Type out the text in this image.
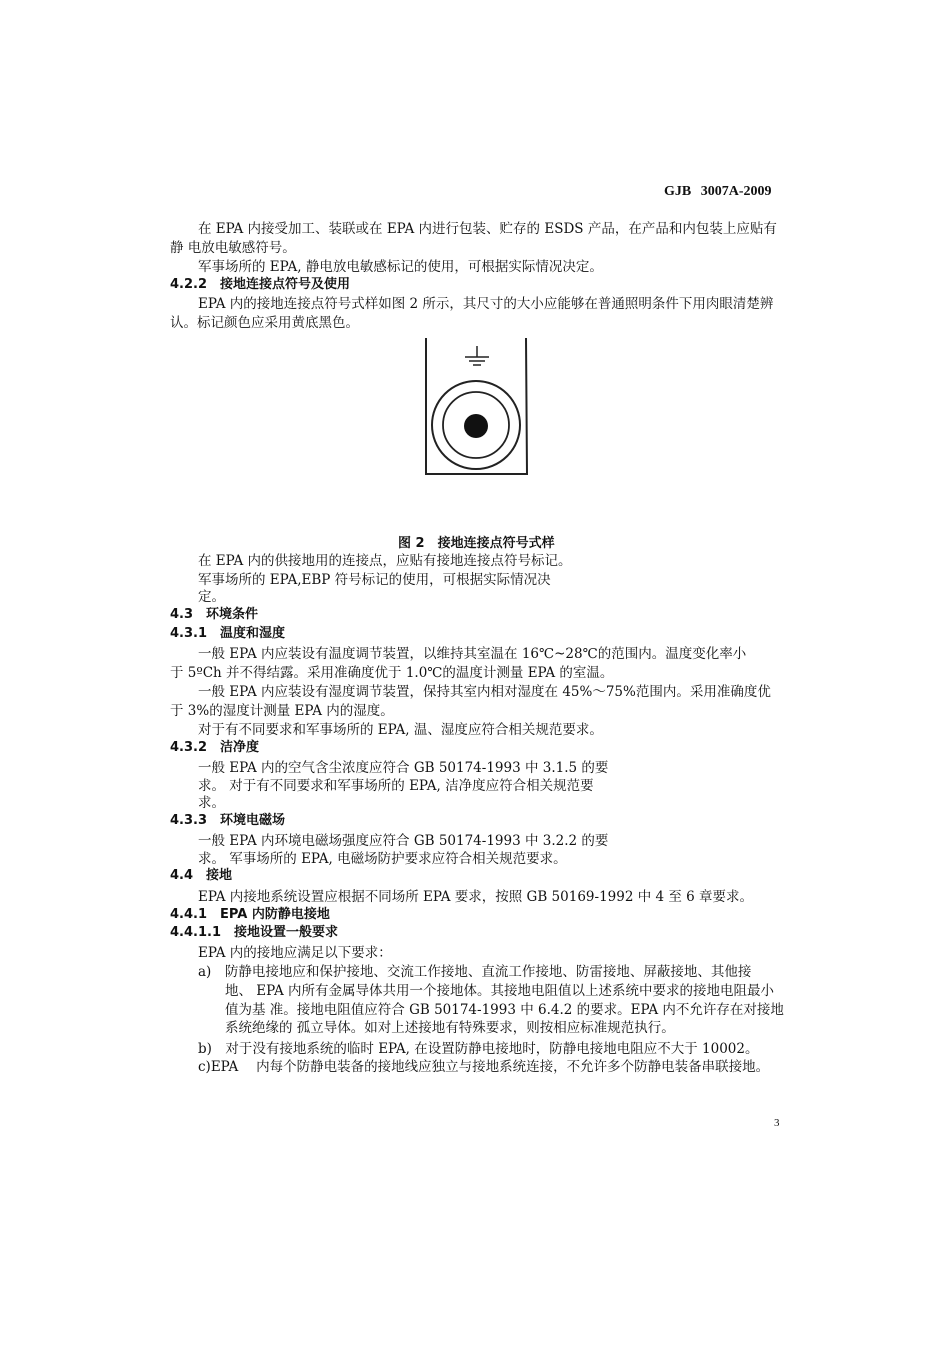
GJB 3007A-2009
在 EPA 内接受加工、装联或在 EPA 内进行包装、贮存的 ESDS 产品，在产品和内包装上应贴有
静 电放电敏感符号。
军事场所的 EPA, 静电放电敏感标记的使用，可根据实际情况决定。
4.2.2　接地连接点符号及使用
EPA 内的接地连接点符号式样如图 2 所示，其尺寸的大小应能够在普通照明条件下用肉眼清楚辨
认。标记颜色应采用黄底黑色。
图 2　接地连接点符号式样
在 EPA 内的供接地用的连接点，应贴有接地连接点符号标记。
军事场所的 EPA,EBP 符号标记的使用，可根据实际情况决
定。
4.3　环境条件
4.3.1　温度和湿度
一般 EPA 内应装设有温度调节装置，以维持其室温在 16℃~28℃的范围内。温度变化率小
于 5ºCh 并不得结露。采用准确度优于 1.0℃的温度计测量 EPA 的室温。
一般 EPA 内应装设有湿度调节装置，保持其室内相对湿度在 45%～75%范围内。采用准确度优
于 3%的湿度计测量 EPA 内的湿度。
对于有不同要求和军事场所的 EPA, 温、湿度应符合相关规范要求。
4.3.2　洁净度
一般 EPA 内的空气含尘浓度应符合 GB 50174-1993 中 3.1.5 的要
求。 对于有不同要求和军事场所的 EPA, 洁净度应符合相关规范要
求。
4.3.3　环境电磁场
一般 EPA 内环境电磁场强度应符合 GB 50174-1993 中 3.2.2 的要
求。 军事场所的 EPA, 电磁场防护要求应符合相关规范要求。
4.4　接地
EPA 内接地系统设置应根据不同场所 EPA 要求，按照 GB 50169-1992 中 4 至 6 章要求。
4.4.1　EPA 内防静电接地
4.4.1.1　接地设置一般要求
EPA 内的接地应满足以下要求：
a)　防静电接地应和保护接地、交流工作接地、直流工作接地、防雷接地、屏蔽接地、其他接
地、 EPA 内所有金属导体共用一个接地体。其接地电阻值以上述系统中要求的接地电阻最小
值为基 准。接地电阻值应符合 GB 50174-1993 中 6.4.2 的要求。EPA 内不允许存在对接地
系统绝缘的 孤立导体。如对上述接地有特殊要求，则按相应标准规范执行。
b)　对于没有接地系统的临时 EPA, 在设置防静电接地时，防静电接地电阻应不大于 10002。
c)EPA　 内每个防静电装备的接地线应独立与接地系统连接，不允许多个防静电装备串联接地。
3
